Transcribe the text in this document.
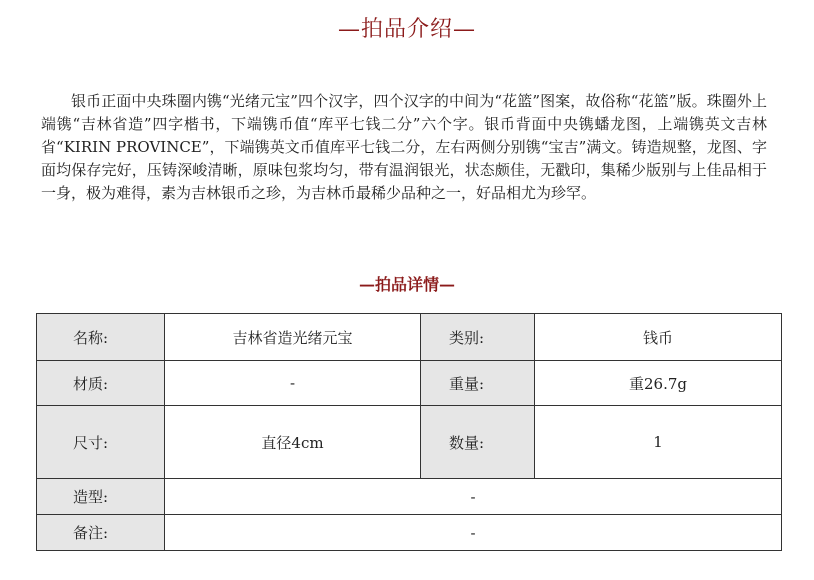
—拍品介绍—

银币正面中央珠圈内镌“光绪元宝”四个汉字，四个汉字的中间为“花篮”图案，故俗称“花篮”版。珠圈外上端镌“吉林省造”四字楷书，下端镌币值“库平七钱二分”六个字。银币背面中央镌蟠龙图，上端镌英文吉林省“KIRIN PROVINCE”，下端镌英文币值库平七钱二分，左右两侧分别镌“宝吉”满文。铸造规整，龙图、字面均保存完好，压铸深峻清晰，原味包浆均匀，带有温润银光，状态颇佳，无戳印，集稀少版别与上佳品相于一身，极为难得，素为吉林银币之珍，为吉林币最稀少品种之一，好品相尤为珍罕。

—拍品详情—
名称:	吉林省造光绪元宝	类别:	钱币
材质:	-	重量:	重26.7g
尺寸:	直径4cm	数量:	1
造型:	-		
备注:	-		
